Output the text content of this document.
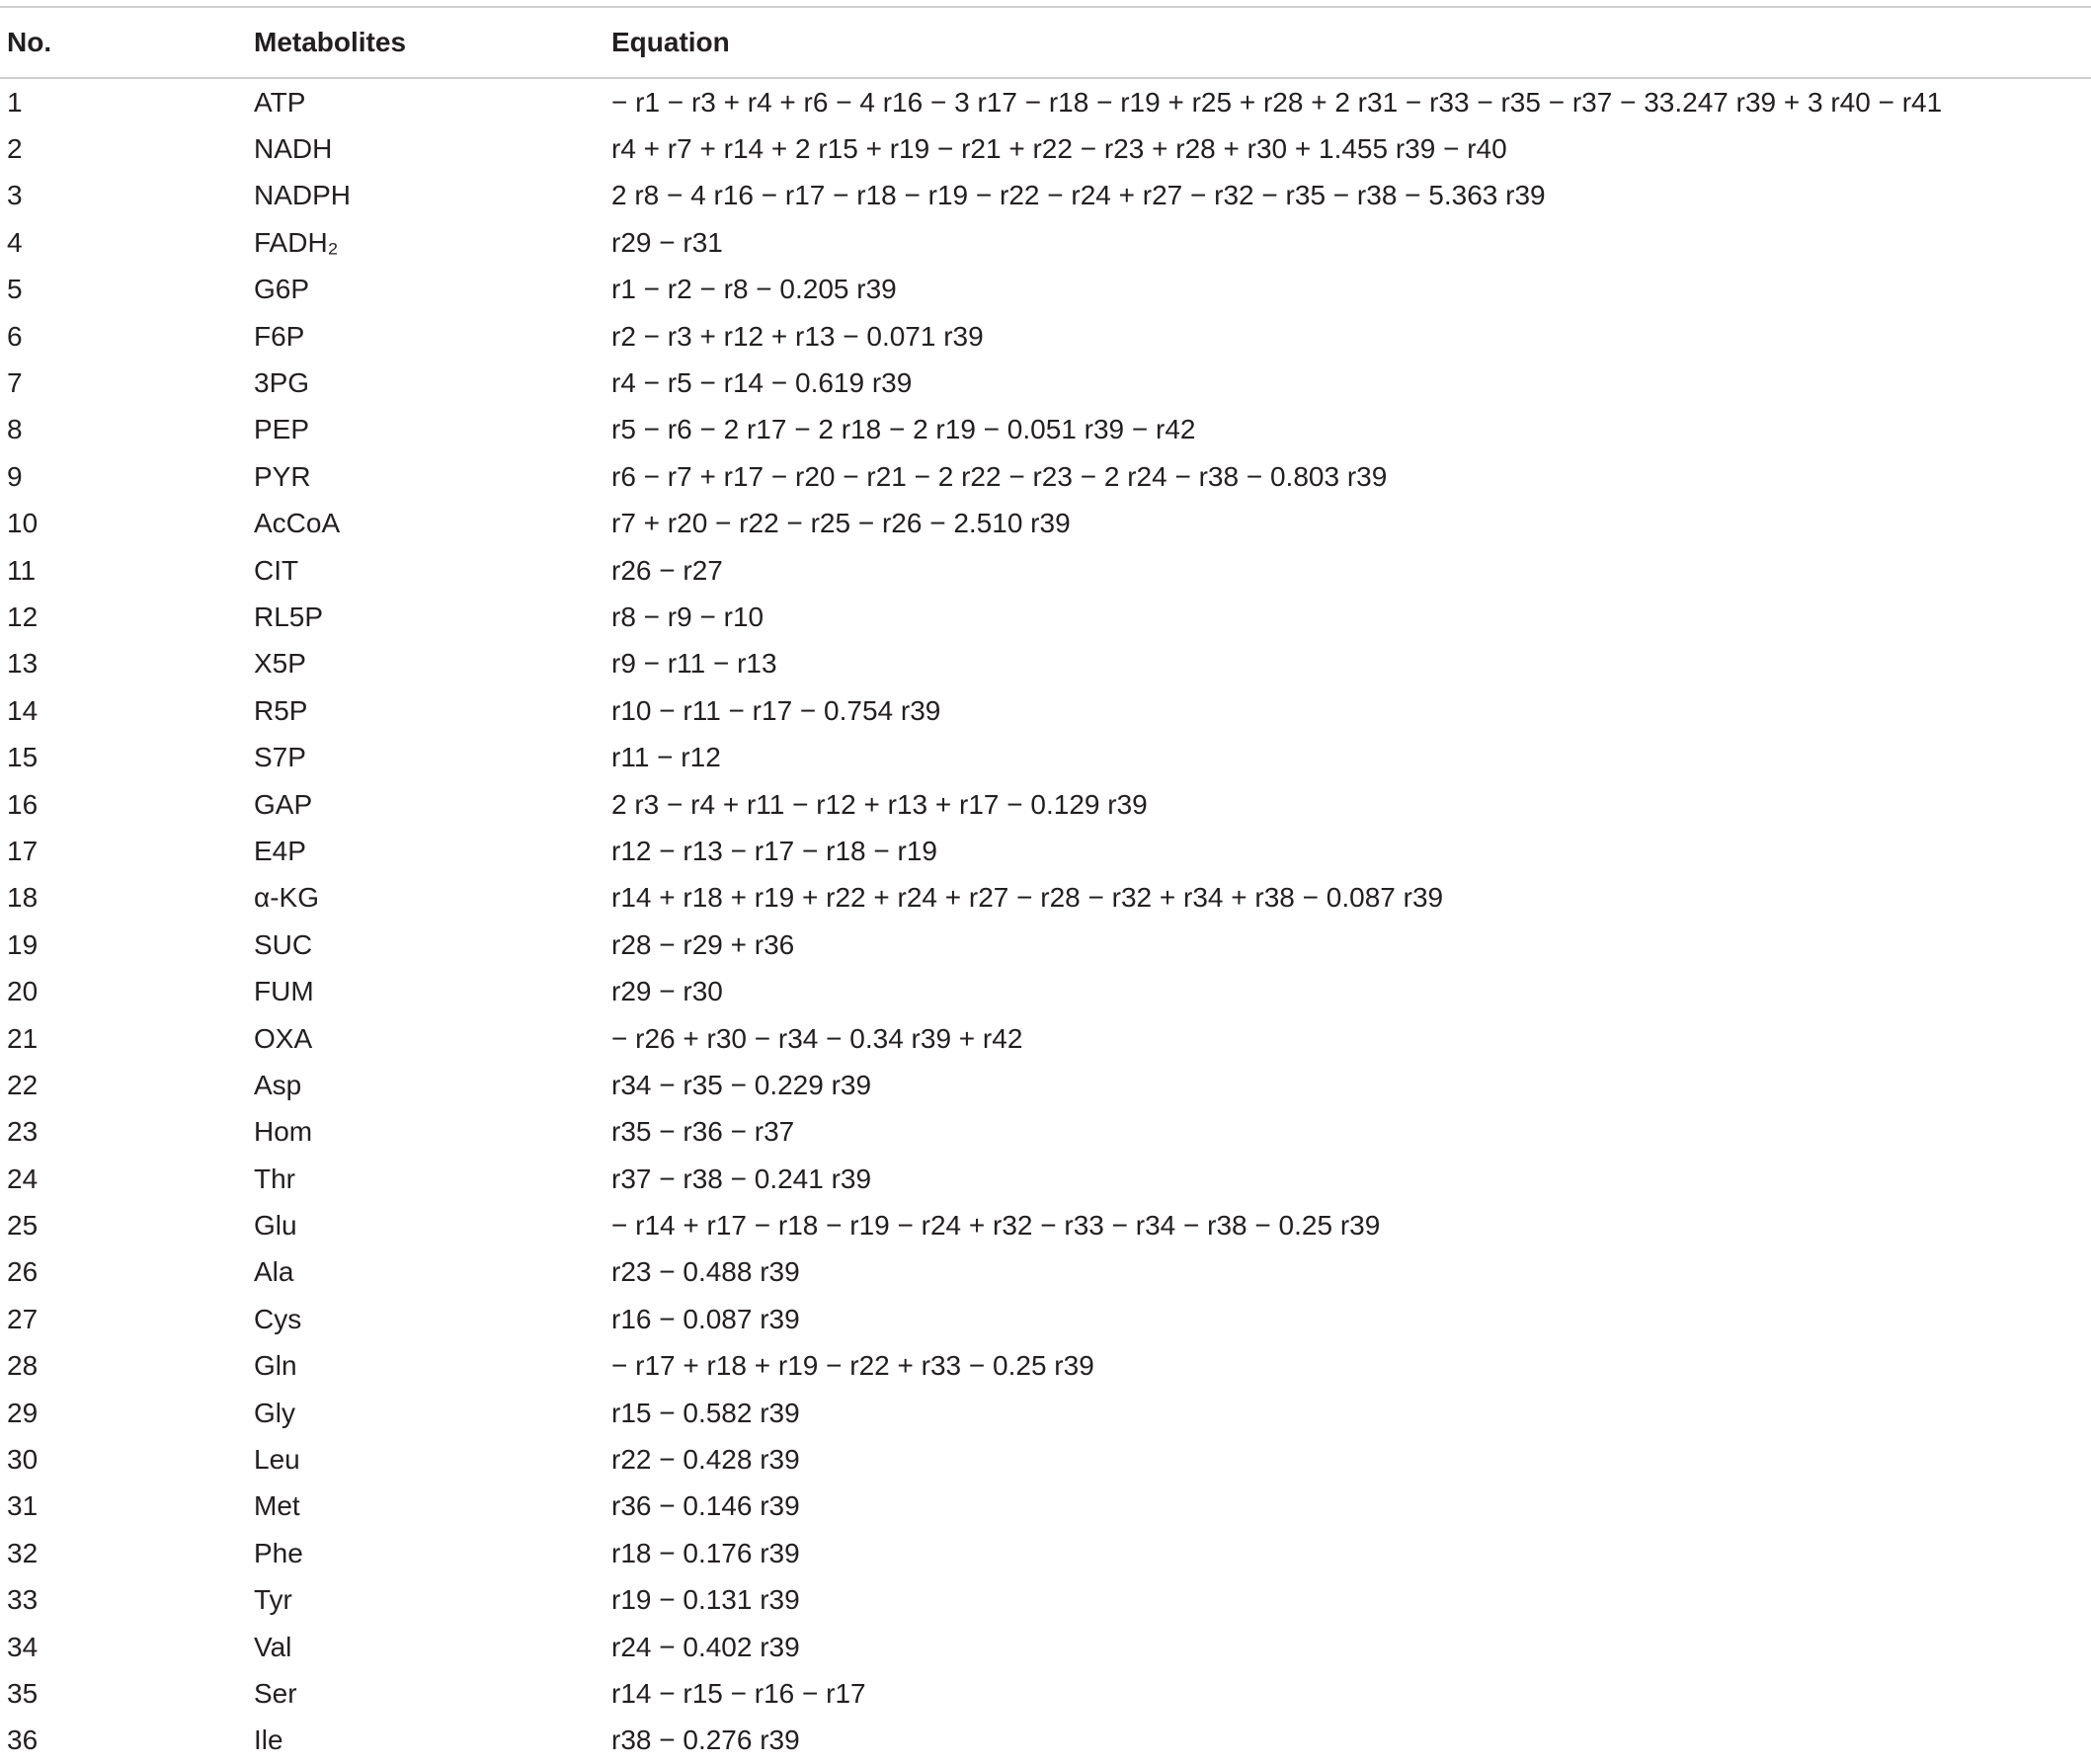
No.	Metabolites	Equation
1	ATP	− r1 − r3 + r4 + r6 − 4 r16 − 3 r17 − r18 − r19 + r25 + r28 + 2 r31 − r33 − r35 − r37 − 33.247 r39 + 3 r40 − r41
2	NADH	r4 + r7 + r14 + 2 r15 + r19 − r21 + r22 − r23 + r28 + r30 + 1.455 r39 − r40
3	NADPH	2 r8 − 4 r16 − r17 − r18 − r19 − r22 − r24 + r27 − r32 − r35 − r38 − 5.363 r39
4	FADH₂	r29 − r31
5	G6P	r1 − r2 − r8 − 0.205 r39
6	F6P	r2 − r3 + r12 + r13 − 0.071 r39
7	3PG	r4 − r5 − r14 − 0.619 r39
8	PEP	r5 − r6 − 2 r17 − 2 r18 − 2 r19 − 0.051 r39 − r42
9	PYR	r6 − r7 + r17 − r20 − r21 − 2 r22 − r23 − 2 r24 − r38 − 0.803 r39
10	AcCoA	r7 + r20 − r22 − r25 − r26 − 2.510 r39
11	CIT	r26 − r27
12	RL5P	r8 − r9 − r10
13	X5P	r9 − r11 − r13
14	R5P	r10 − r11 − r17 − 0.754 r39
15	S7P	r11 − r12
16	GAP	2 r3 − r4 + r11 − r12 + r13 + r17 − 0.129 r39
17	E4P	r12 − r13 − r17 − r18 − r19
18	α-KG	r14 + r18 + r19 + r22 + r24 + r27 − r28 − r32 + r34 + r38 − 0.087 r39
19	SUC	r28 − r29 + r36
20	FUM	r29 − r30
21	OXA	− r26 + r30 − r34 − 0.34 r39 + r42
22	Asp	r34 − r35 − 0.229 r39
23	Hom	r35 − r36 − r37
24	Thr	r37 − r38 − 0.241 r39
25	Glu	− r14 + r17 − r18 − r19 − r24 + r32 − r33 − r34 − r38 − 0.25 r39
26	Ala	r23 − 0.488 r39
27	Cys	r16 − 0.087 r39
28	Gln	− r17 + r18 + r19 − r22 + r33 − 0.25 r39
29	Gly	r15 − 0.582 r39
30	Leu	r22 − 0.428 r39
31	Met	r36 − 0.146 r39
32	Phe	r18 − 0.176 r39
33	Tyr	r19 − 0.131 r39
34	Val	r24 − 0.402 r39
35	Ser	r14 − r15 − r16 − r17
36	Ile	r38 − 0.276 r39
